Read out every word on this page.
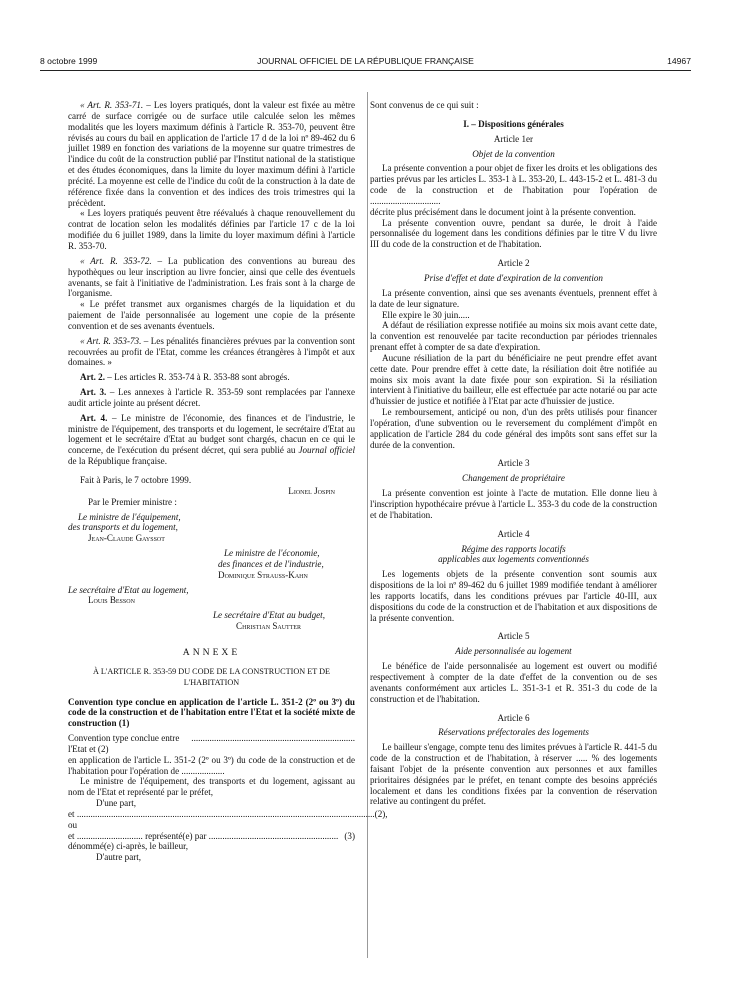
8 octobre 1999	JOURNAL OFFICIEL DE LA RÉPUBLIQUE FRANÇAISE	14967

« Art. R. 353-71. – Les loyers pratiqués, dont la valeur est fixée au mètre carré de surface corrigée ou de surface utile calculée selon les mêmes modalités que les loyers maximum définis à l'article R. 353-70, peuvent être révisés au cours du bail en application de l'article 17 d de la loi nº 89-462 du 6 juillet 1989 en fonction des variations de la moyenne sur quatre trimestres de l'indice du coût de la construction publié par l'Institut national de la statistique et des études économiques, dans la limite du loyer maximum défini à l'article précité. La moyenne est celle de l'indice du coût de la construction à la date de référence fixée dans la convention et des indices des trois trimestres qui la précèdent.

« Les loyers pratiqués peuvent être réévalués à chaque renouvellement du contrat de location selon les modalités définies par l'article 17 c de la loi modifiée du 6 juillet 1989, dans la limite du loyer maximum défini à l'article R. 353-70.

« Art. R. 353-72. – La publication des conventions au bureau des hypothèques ou leur inscription au livre foncier, ainsi que celle des éventuels avenants, se fait à l'initiative de l'administration. Les frais sont à la charge de l'organisme.

« Le préfet transmet aux organismes chargés de la liquidation et du paiement de l'aide personnalisée au logement une copie de la présente convention et de ses avenants éventuels.

« Art. R. 353-73. – Les pénalités financières prévues par la convention sont recouvrées au profit de l'Etat, comme les créances étrangères à l'impôt et aux domaines. »

Art. 2. – Les articles R. 353-74 à R. 353-88 sont abrogés.

Art. 3. – Les annexes à l'article R. 353-59 sont remplacées par l'annexe audit article jointe au présent décret.

Art. 4. – Le ministre de l'économie, des finances et de l'industrie, le ministre de l'équipement, des transports et du logement, le secrétaire d'Etat au logement et le secrétaire d'Etat au budget sont chargés, chacun en ce qui le concerne, de l'exécution du présent décret, qui sera publié au Journal officiel de la République française.

Fait à Paris, le 7 octobre 1999.

Lionel Jospin

Par le Premier ministre :

Le ministre de l'équipement,

des transports et du logement,

Jean-Claude Gayssot

Le ministre de l'économie,

des finances et de l'industrie,

Dominique Strauss-Kahn

Le secrétaire d'Etat au logement,

Louis Besson

Le secrétaire d'Etat au budget,

Christian Sautter

ANNEXE

À L'ARTICLE R. 353-59 DU CODE DE LA CONSTRUCTION ET DE L'HABITATION

Convention type conclue en application de l'article L. 351-2 (2º ou 3º) du code de la construction et de l'habitation entre l'Etat et la société mixte de construction (1)

Convention type conclue entre l'Etat et (2)
........................................................................

en application de l'article L. 351-2 (2º ou 3º) du code de la construction et de l'habitation pour l'opération de ...................

Le ministre de l'équipement, des transports et du logement, agissant au nom de l'Etat et représenté par le préfet,

D'une part,

et ................................................................................................................................... (2),

ou

et ............................. représenté(e) par ......................................................... (3)

dénommé(e) ci-après, le bailleur,

D'autre part,

Sont convenus de ce qui suit :

I. – Dispositions générales

Article 1er

Objet de la convention

La présente convention a pour objet de fixer les droits et les obligations des parties prévus par les articles L. 353-1 à L. 353-20, L. 443-15-2 et L. 481-3 du code de la construction et de l'habitation pour l'opération de ...............................

décrite plus précisément dans le document joint à la présente convention.

La présente convention ouvre, pendant sa durée, le droit à l'aide personnalisée du logement dans les conditions définies par le titre V du livre III du code de la construction et de l'habitation.

Article 2

Prise d'effet et date d'expiration de la convention

La présente convention, ainsi que ses avenants éventuels, prennent effet à la date de leur signature.

Elle expire le 30 juin.....

A défaut de résiliation expresse notifiée au moins six mois avant cette date, la convention est renouvelée par tacite reconduction par périodes triennales prenant effet à compter de sa date d'expiration.

Aucune résiliation de la part du bénéficiaire ne peut prendre effet avant cette date. Pour prendre effet à cette date, la résiliation doit être notifiée au moins six mois avant la date fixée pour son expiration. Si la résiliation intervient à l'initiative du bailleur, elle est effectuée par acte notarié ou par acte d'huissier de justice et notifiée à l'Etat par acte d'huissier de justice.

Le remboursement, anticipé ou non, d'un des prêts utilisés pour financer l'opération, d'une subvention ou le reversement du complément d'impôt en application de l'article 284 du code général des impôts sont sans effet sur la durée de la convention.

Article 3

Changement de propriétaire

La présente convention est jointe à l'acte de mutation. Elle donne lieu à l'inscription hypothécaire prévue à l'article L. 353-3 du code de la construction et de l'habitation.

Article 4

Régime des rapports locatifs

applicables aux logements conventionnés

Les logements objets de la présente convention sont soumis aux dispositions de la loi nº 89-462 du 6 juillet 1989 modifiée tendant à améliorer les rapports locatifs, dans les conditions prévues par l'article 40-III, aux dispositions du code de la construction et de l'habitation et aux dispositions de la présente convention.

Article 5

Aide personnalisée au logement

Le bénéfice de l'aide personnalisée au logement est ouvert ou modifié respectivement à compter de la date d'effet de la convention ou de ses avenants conformément aux articles L. 351-3-1 et R. 351-3 du code de la construction et de l'habitation.

Article 6

Réservations préfectorales des logements

Le bailleur s'engage, compte tenu des limites prévues à l'article R. 441-5 du code de la construction et de l'habitation, à réserver ..... % des logements faisant l'objet de la présente convention aux personnes et aux familles prioritaires désignées par le préfet, en tenant compte des besoins appréciés localement et dans les conditions fixées par la convention de réservation relative au contingent du préfet.
